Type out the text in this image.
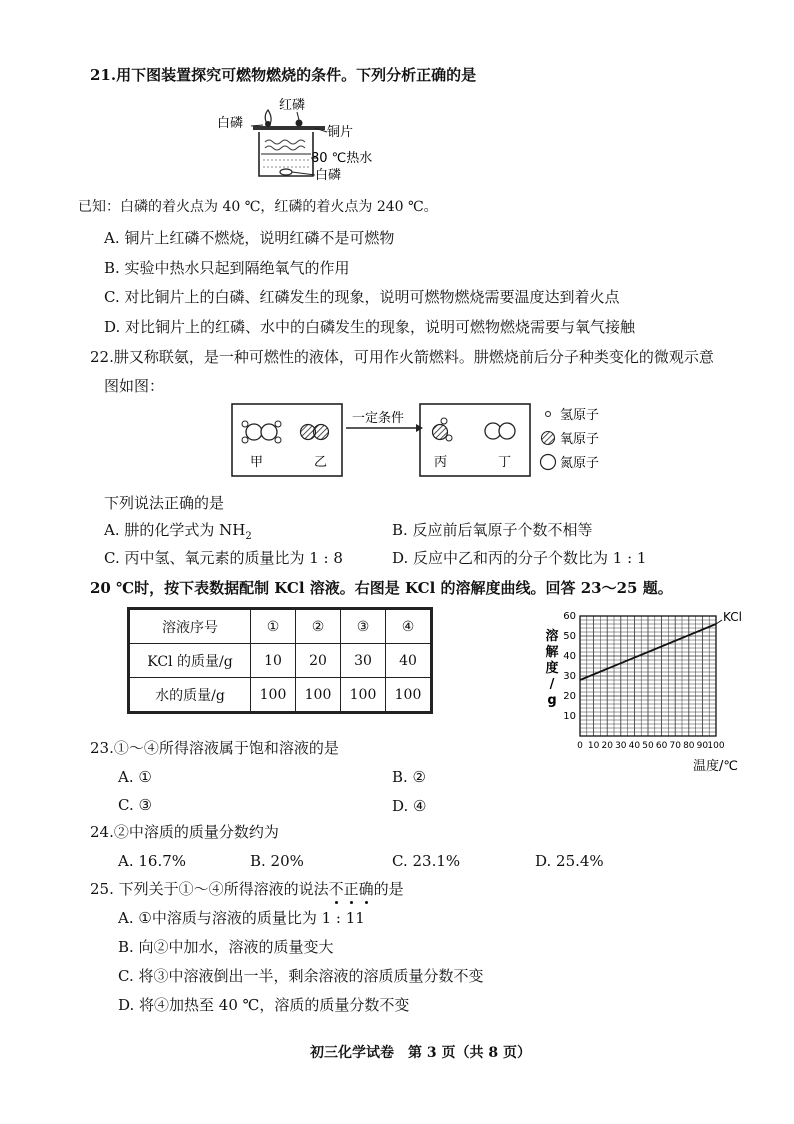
21.用下图装置探究可燃物燃烧的条件。下列分析正确的是
白磷
红磷
铜片
80 ℃热水
白磷
已知：白磷的着火点为 40 ℃，红磷的着火点为 240 ℃。
A. 铜片上红磷不燃烧，说明红磷不是可燃物
B. 实验中热水只起到隔绝氧气的作用
C. 对比铜片上的白磷、红磷发生的现象，说明可燃物燃烧需要温度达到着火点
D. 对比铜片上的红磷、水中的白磷发生的现象，说明可燃物燃烧需要与氧气接触
22.肼又称联氨，是一种可燃性的液体，可用作火箭燃料。肼燃烧前后分子种类变化的微观示意
图如图：
甲	乙
一定条件
丙	丁
氢原子
氧原子
氮原子
下列说法正确的是
A. 肼的化学式为 $NH_2$	B. 反应前后氧原子个数不相等
C. 丙中氢、氧元素的质量比为 1 : 8	D. 反应中乙和丙的分子个数比为 1 : 1
20 ℃时，按下表数据配制 KCl 溶液。右图是 KCl 的溶解度曲线。回答 23～25 题。
溶液序号	①	②	③	④
KCl 的质量/g	10	20	30	40
水的质量/g	100	100	100	100
0 10 20 30 40 50 60 70 80 90 100
10
20
30
40
50
60
溶
解
度
/
g
温度/℃
KCl
23.①～④所得溶液属于饱和溶液的是
A. ①	B. ②
C. ③	D. ④
24.②中溶质的质量分数约为
A. 16.7%	B. 20%	C. 23.1%	D. 25.4%
25. 下列关于①～④所得溶液的说法不正确
的是
A. ①中溶质与溶液的质量比为 1 : 11
B. 向②中加水，溶液的质量变大
C. 将③中溶液倒出一半，剩余溶液的溶质质量分数不变
D. 将④加热至 40 ℃，溶质的质量分数不变
初三化学试卷　第 3 页（共 8 页）
